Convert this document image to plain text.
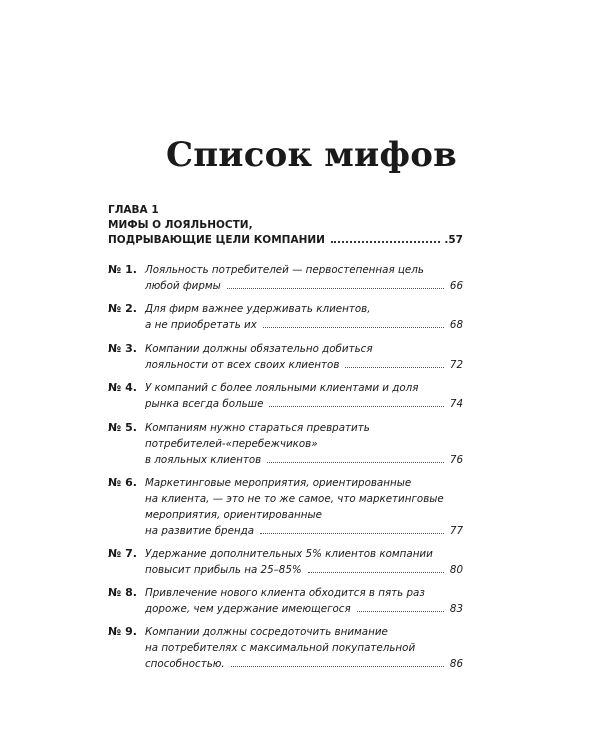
Список мифов
ГЛАВА 1
МИФЫ О ЛОЯЛЬНОСТИ,
ПОДРЫВАЮЩИЕ ЦЕЛИ КОМПАНИИ	.57
№ 1. Лояльность потребителей — первостепенная цель
любой фирмы	66
№ 2. Для фирм важнее удерживать клиентов,
а не приобретать их	68
№ 3. Компании должны обязательно добиться
лояльности от всех своих клиентов	72
№ 4. У компаний с более лояльными клиентами и доля
рынка всегда больше	74
№ 5. Компаниям нужно стараться превратить
потребителей-«перебежчиков»
в лояльных клиентов	76
№ 6. Маркетинговые мероприятия, ориентированные
на клиента, — это не то же самое, что маркетинговые
мероприятия, ориентированные
на развитие бренда	77
№ 7. Удержание дополнительных 5% клиентов компании
повысит прибыль на 25–85%	80
№ 8. Привлечение нового клиента обходится в пять раз
дороже, чем удержание имеющегося	83
№ 9. Компании должны сосредоточить внимание
на потребителях с максимальной покупательной
способностью.	86
